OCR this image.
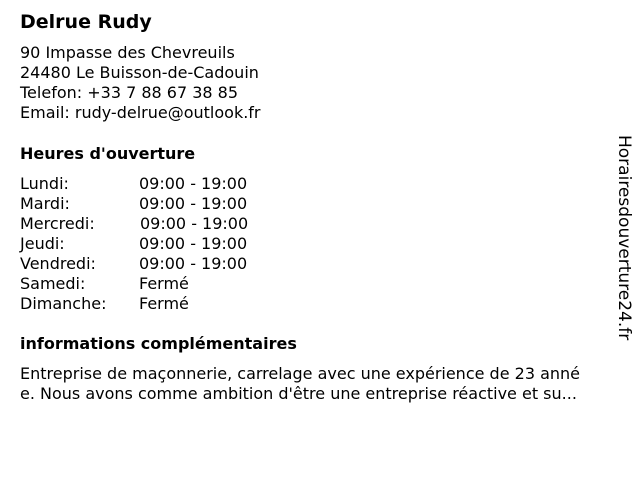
Delrue Rudy
90 Impasse des Chevreuils
24480 Le Buisson-de-Cadouin
Telefon: +33 7 88 67 38 85
Email: rudy-delrue@outlook.fr
Heures d'ouverture
Lundi:	09:00 - 19:00
Mardi:	09:00 - 19:00
Mercredi:	09:00 - 19:00
Jeudi:	09:00 - 19:00
Vendredi:	09:00 - 19:00
Samedi:	Fermé
Dimanche: Fermé
informations complémentaires
Entreprise de maçonnerie, carrelage avec une expérience de 23 anné
e. Nous avons comme ambition d'être une entreprise réactive et su...
Horairesdouverture24.fr
